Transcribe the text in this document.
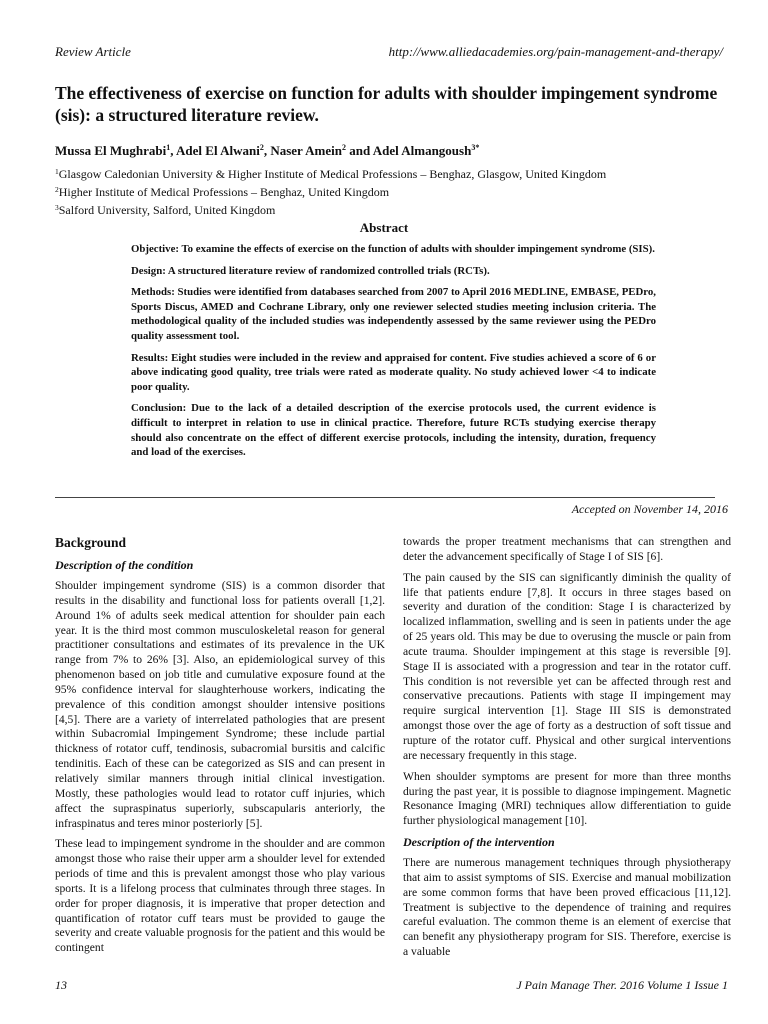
Review Article	http://www.alliedacademies.org/pain-management-and-therapy/
The effectiveness of exercise on function for adults with shoulder impingement syndrome (sis): a structured literature review.
Mussa El Mughrabi$^1$, Adel El Alwani$^2$, Naser Amein$^2$ and Adel Almangoush$^{3*}$
$^1$Glasgow Caledonian University & Higher Institute of Medical Professions – Benghaz, Glasgow, United Kingdom
$^2$Higher Institute of Medical Professions – Benghaz, United Kingdom
$^3$Salford University, Salford, United Kingdom
Abstract

Objective: To examine the effects of exercise on the function of adults with shoulder impingement syndrome (SIS).

Design: A structured literature review of randomized controlled trials (RCTs).

Methods: Studies were identified from databases searched from 2007 to April 2016 MEDLINE, EMBASE, PEDro, Sports Discus, AMED and Cochrane Library, only one reviewer selected studies meeting inclusion criteria. The methodological quality of the included studies was independently assessed by the same reviewer using the PEDro quality assessment tool.

Results: Eight studies were included in the review and appraised for content. Five studies achieved a score of 6 or above indicating good quality, tree trials were rated as moderate quality. No study achieved lower <4 to indicate poor quality.

Conclusion: Due to the lack of a detailed description of the exercise protocols used, the current evidence is difficult to interpret in relation to use in clinical practice. Therefore, future RCTs studying exercise therapy should also concentrate on the effect of different exercise protocols, including the intensity, duration, frequency and load of the exercises.

Accepted on November 14, 2016
Background
Description of the condition

Shoulder impingement syndrome (SIS) is a common disorder that results in the disability and functional loss for patients overall [1,2]. Around 1% of adults seek medical attention for shoulder pain each year. It is the third most common musculoskeletal reason for general practitioner consultations and estimates of its prevalence in the UK range from 7% to 26% [3]. Also, an epidemiological survey of this phenomenon based on job title and cumulative exposure found at the 95% confidence interval for slaughterhouse workers, indicating the prevalence of this condition amongst shoulder intensive positions [4,5]. There are a variety of interrelated pathologies that are present within Subacromial Impingement Syndrome; these include partial thickness of rotator cuff, tendinosis, subacromial bursitis and calcific tendinitis. Each of these can be categorized as SIS and can present in relatively similar manners through initial clinical investigation. Mostly, these pathologies would lead to rotator cuff injuries, which affect the supraspinatus superiorly, subscapularis anteriorly, the infraspinatus and teres minor posteriorly [5].

These lead to impingement syndrome in the shoulder and are common amongst those who raise their upper arm a shoulder level for extended periods of time and this is prevalent amongst those who play various sports. It is a lifelong process that culminates through three stages. In order for proper diagnosis, it is imperative that proper detection and quantification of rotator cuff tears must be provided to gauge the severity and create valuable prognosis for the patient and this would be contingent

towards the proper treatment mechanisms that can strengthen and deter the advancement specifically of Stage I of SIS [6].

The pain caused by the SIS can significantly diminish the quality of life that patients endure [7,8]. It occurs in three stages based on severity and duration of the condition: Stage I is characterized by localized inflammation, swelling and is seen in patients under the age of 25 years old. This may be due to overusing the muscle or pain from acute trauma. Shoulder impingement at this stage is reversible [9]. Stage II is associated with a progression and tear in the rotator cuff. This condition is not reversible yet can be affected through rest and conservative precautions. Patients with stage II impingement may require surgical intervention [1]. Stage III SIS is demonstrated amongst those over the age of forty as a destruction of soft tissue and rupture of the rotator cuff. Physical and other surgical interventions are necessary frequently in this stage.

When shoulder symptoms are present for more than three months during the past year, it is possible to diagnose impingement. Magnetic Resonance Imaging (MRI) techniques allow differentiation to guide further physiological management [10].

Description of the intervention

There are numerous management techniques through physiotherapy that aim to assist symptoms of SIS. Exercise and manual mobilization are some common forms that have been proved efficacious [11,12]. Treatment is subjective to the dependence of training and requires careful evaluation. The common theme is an element of exercise that can benefit any physiotherapy program for SIS. Therefore, exercise is a valuable

13	J Pain Manage Ther. 2016 Volume 1 Issue 1
